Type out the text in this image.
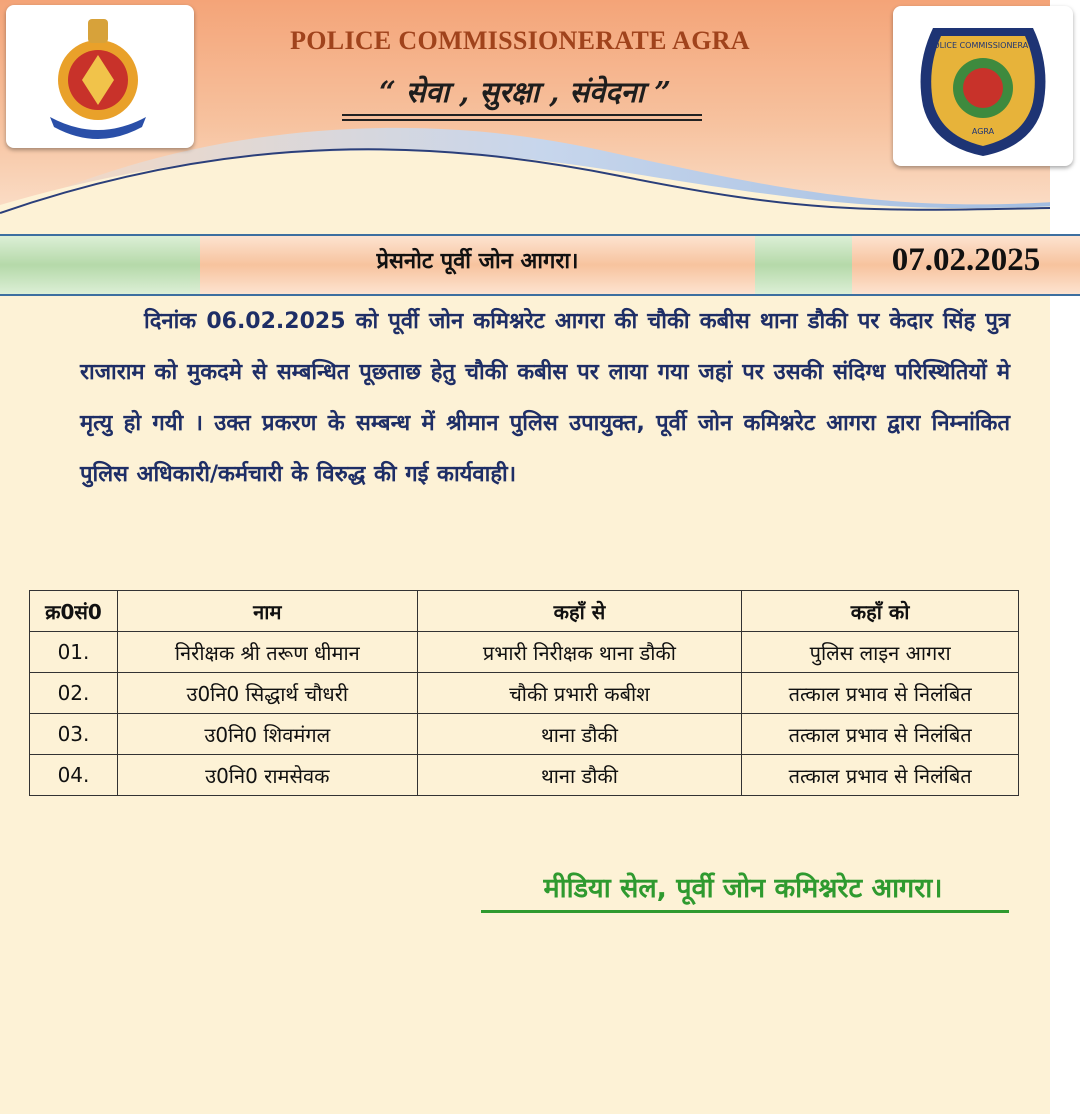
POLICE COMMISSIONERATE AGRA
“ सेवा , सुरक्षा , संवेदना ”
POLICE COMMISSIONERATE
AGRA
प्रेसनोट पूर्वी जोन आगरा।	07.02.2025
दिनांक 06.02.2025 को पूर्वी जोन कमिश्नरेट आगरा की चौकी कबीस थाना डौकी पर केदार सिंह पुत्र राजाराम को मुकदमे से सम्बन्धित पूछताछ हेतु चौकी कबीस पर लाया गया जहां पर उसकी संदिग्ध परिस्थितियों मे मृत्यु हो गयी । उक्त प्रकरण के सम्बन्ध में श्रीमान पुलिस उपायुक्त, पूर्वी जोन कमिश्नरेट आगरा द्वारा निम्नांकित पुलिस अधिकारी/कर्मचारी के विरुद्ध की गई कार्यवाही।
क्र0सं0	नाम	कहाँ से	कहाँ को
01.	निरीक्षक श्री तरूण धीमान	प्रभारी निरीक्षक थाना डौकी	पुलिस लाइन आगरा
02.	उ0नि0 सिद्धार्थ चौधरी	चौकी प्रभारी कबीश	तत्काल प्रभाव से निलंबित
03.	उ0नि0 शिवमंगल	थाना डौकी	तत्काल प्रभाव से निलंबित
04.	उ0नि0 रामसेवक	थाना डौकी	तत्काल प्रभाव से निलंबित
मीडिया सेल, पूर्वी जोन कमिश्नरेट आगरा।
